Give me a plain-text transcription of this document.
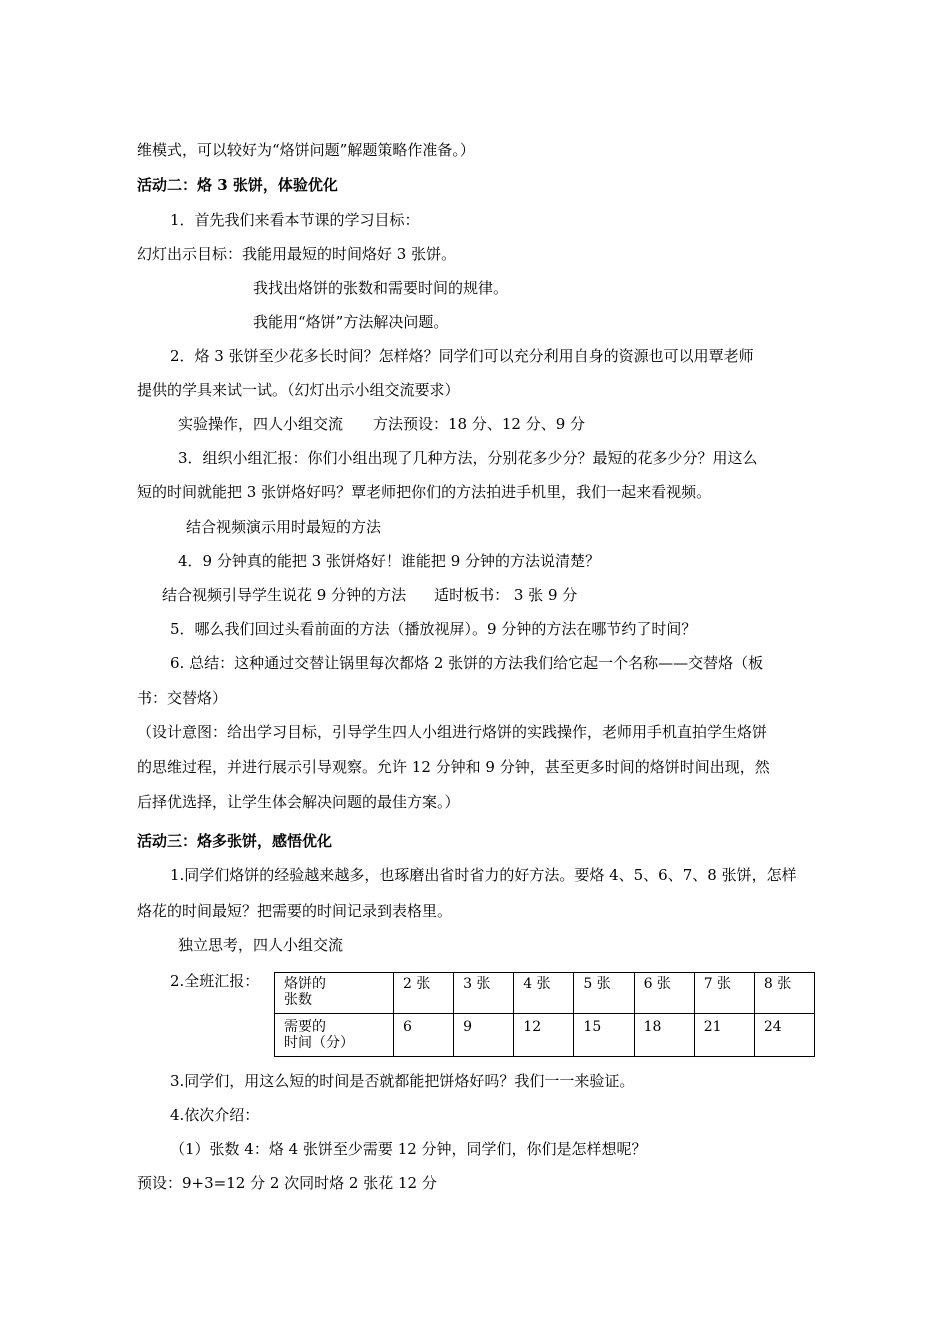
维模式，可以较好为“烙饼问题”解题策略作准备。）
活动二：烙 3 张饼，体验优化
1．首先我们来看本节课的学习目标：
幻灯出示目标：我能用最短的时间烙好 3 张饼。
我找出烙饼的张数和需要时间的规律。
我能用“烙饼”方法解决问题。
2．烙 3 张饼至少花多长时间？怎样烙？同学们可以充分利用自身的资源也可以用覃老师
提供的学具来试一试。（幻灯出示小组交流要求）
实验操作，四人小组交流 方法预设：18 分、12 分、9 分
3．组织小组汇报：你们小组出现了几种方法，分别花多少分？最短的花多少分？用这么
短的时间就能把 3 张饼烙好吗？覃老师把你们的方法拍进手机里，我们一起来看视频。
结合视频演示用时最短的方法
4．9 分钟真的能把 3 张饼烙好！谁能把 9 分钟的方法说清楚？
结合视频引导学生说花 9 分钟的方法 适时板书： 3 张 9 分
5．哪么我们回过头看前面的方法（播放视屏）。9 分钟的方法在哪节约了时间？
6. 总结：这种通过交替让锅里每次都烙 2 张饼的方法我们给它起一个名称——交替烙（板
书：交替烙）
（设计意图：给出学习目标，引导学生四人小组进行烙饼的实践操作，老师用手机直拍学生烙饼
的思维过程，并进行展示引导观察。允许 12 分钟和 9 分钟，甚至更多时间的烙饼时间出现，然
后择优选择，让学生体会解决问题的最佳方案。）
活动三：烙多张饼，感悟优化
1.同学们烙饼的经验越来越多，也琢磨出省时省力的好方法。要烙 4、5、6、7、8 张饼，怎样
烙花的时间最短？把需要的时间记录到表格里。
独立思考，四人小组交流
2.全班汇报： 烙饼的
张数	2 张	3 张	4 张	5 张	6 张	7 张	8 张

需要的
时间（分）	6	9	12	15	18	21	24
3.同学们，用这么短的时间是否就都能把饼烙好吗？我们一一来验证。
4.依次介绍：
（1）张数 4：烙 4 张饼至少需要 12 分钟，同学们，你们是怎样想呢？
预设：9+3=12 分 2 次同时烙 2 张花 12 分
